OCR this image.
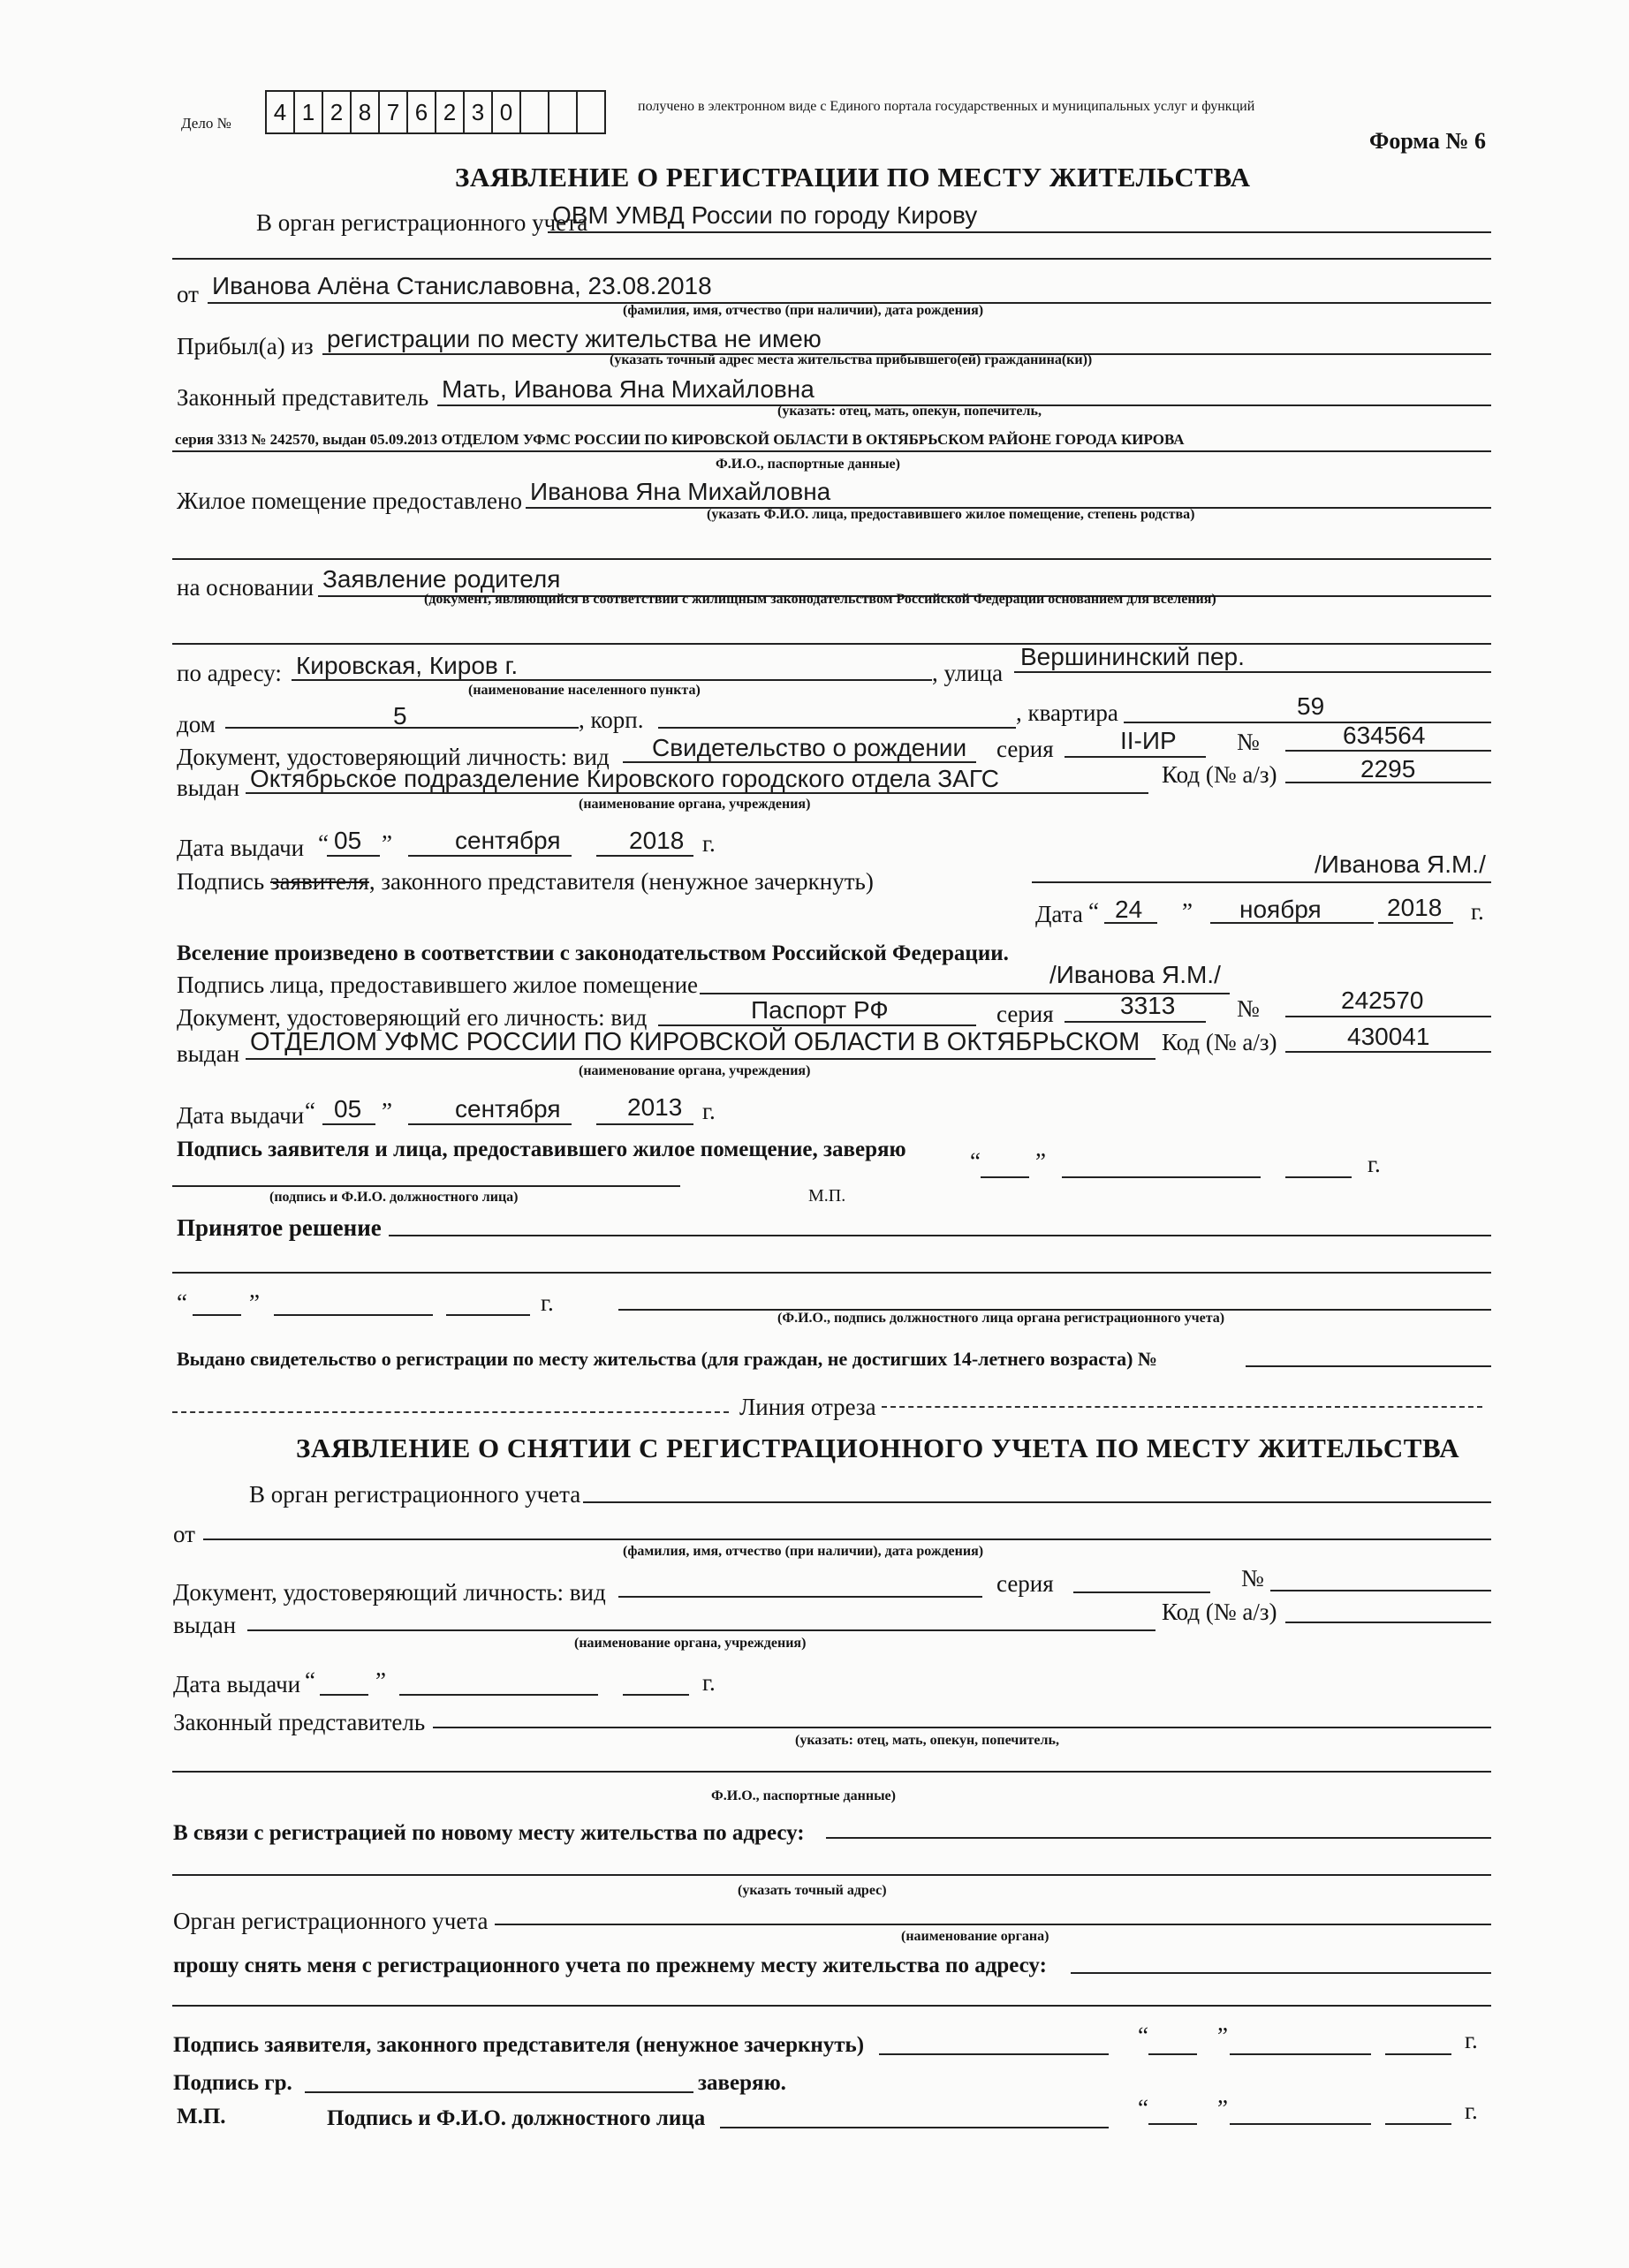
Дело № 4 1 2 8 7 6 2 3 0	получено в электронном виде с Единого портала государственных и муниципальных услуг и функций
Форма № 6
ЗАЯВЛЕНИЕ О РЕГИСТРАЦИИ ПО МЕСТУ ЖИТЕЛЬСТВА
В орган регистрационного учета
ОВМ УМВД России по городу Кирову
от Иванова Алёна Станиславовна, 23.08.2018
(фамилия, имя, отчество (при наличии), дата рождения)
Прибыл(а) из регистрации по месту жительства не имею
(указать точный адрес места жительства прибывшего(ей) гражданина(ки))
Законный представитель Мать, Иванова Яна Михайловна
(указать: отец, мать, опекун, попечитель,
серия 3313 № 242570, выдан 05.09.2013 ОТДЕЛОМ УФМС РОССИИ ПО КИРОВСКОЙ ОБЛАСТИ В ОКТЯБРЬСКОМ РАЙОНЕ ГОРОДА КИРОВА
Ф.И.О., паспортные данные)
Жилое помещение предоставлено Иванова Яна Михайловна
(указать Ф.И.О. лица, предоставившего жилое помещение, степень родства)
на основании Заявление родителя
(документ, являющийся в соответствии с жилищным законодательством Российской Федерации основанием для вселения)
по адресу: Кировская, Киров г.	, улица
Вершининский пер.
(наименование населенного пункта)
дом	5	, корп.	, квартира	59
Документ, удостоверяющий личность: вид Свидетельство о рождении серия	II-ИР	№	634564
выдан Октябрьское подразделение Кировского городского отдела ЗАГС	Код (№ а/з)	2295
(наименование органа, учреждения)
Дата выдачи “ 05 ”	сентября	2018 г.
Подпись заявителя, законного представителя (ненужное зачеркнуть)
/Иванова Я.М./
Дата “ 24 ” ноября	2018 г.
Вселение произведено в соответствии с законодательством Российской Федерации.
Подпись лица, предоставившего жилое помещение	/Иванова Я.М./
Документ, удостоверяющий его личность: вид	Паспорт РФ	серия	3313	№	242570
выдан ОТДЕЛОМ УФМС РОССИИ ПО КИРОВСКОЙ ОБЛАСТИ В ОКТЯБРЬСКОМ Код (№ а/з)	430041
(наименование органа, учреждения)
Дата выдачи “ 05 ”	сентября	2013 г.
Подпись заявителя и лица, предоставившего жилое помещение, заверяю	“ ”	г.
(подпись и Ф.И.О. должностного лица)	М.П.
Принятое решение
“	”	г.
(Ф.И.О., подпись должностного лица органа регистрационного учета)
Выдано свидетельство о регистрации по месту жительства (для граждан, не достигших 14-летнего возраста) №
Линия отреза
ЗАЯВЛЕНИЕ О СНЯТИИ С РЕГИСТРАЦИОННОГО УЧЕТА ПО МЕСТУ ЖИТЕЛЬСТВА
В орган регистрационного учета
от
(фамилия, имя, отчество (при наличии), дата рождения)
Документ, удостоверяющий личность: вид	серия	№
выдан	Код (№ а/з)
(наименование органа, учреждения)
Дата выдачи “	”	г.
Законный представитель
(указать: отец, мать, опекун, попечитель,
Ф.И.О., паспортные данные)
В связи с регистрацией по новому месту жительства по адресу:
(указать точный адрес)
Орган регистрационного учета
(наименование органа)
прошу снять меня с регистрационного учета по прежнему месту жительства по адресу:
Подпись заявителя, законного представителя (ненужное зачеркнуть)	“	”	г.
Подпись гр.	заверяю.
М.П.	Подпись и Ф.И.О. должностного лица	“	”	г.
